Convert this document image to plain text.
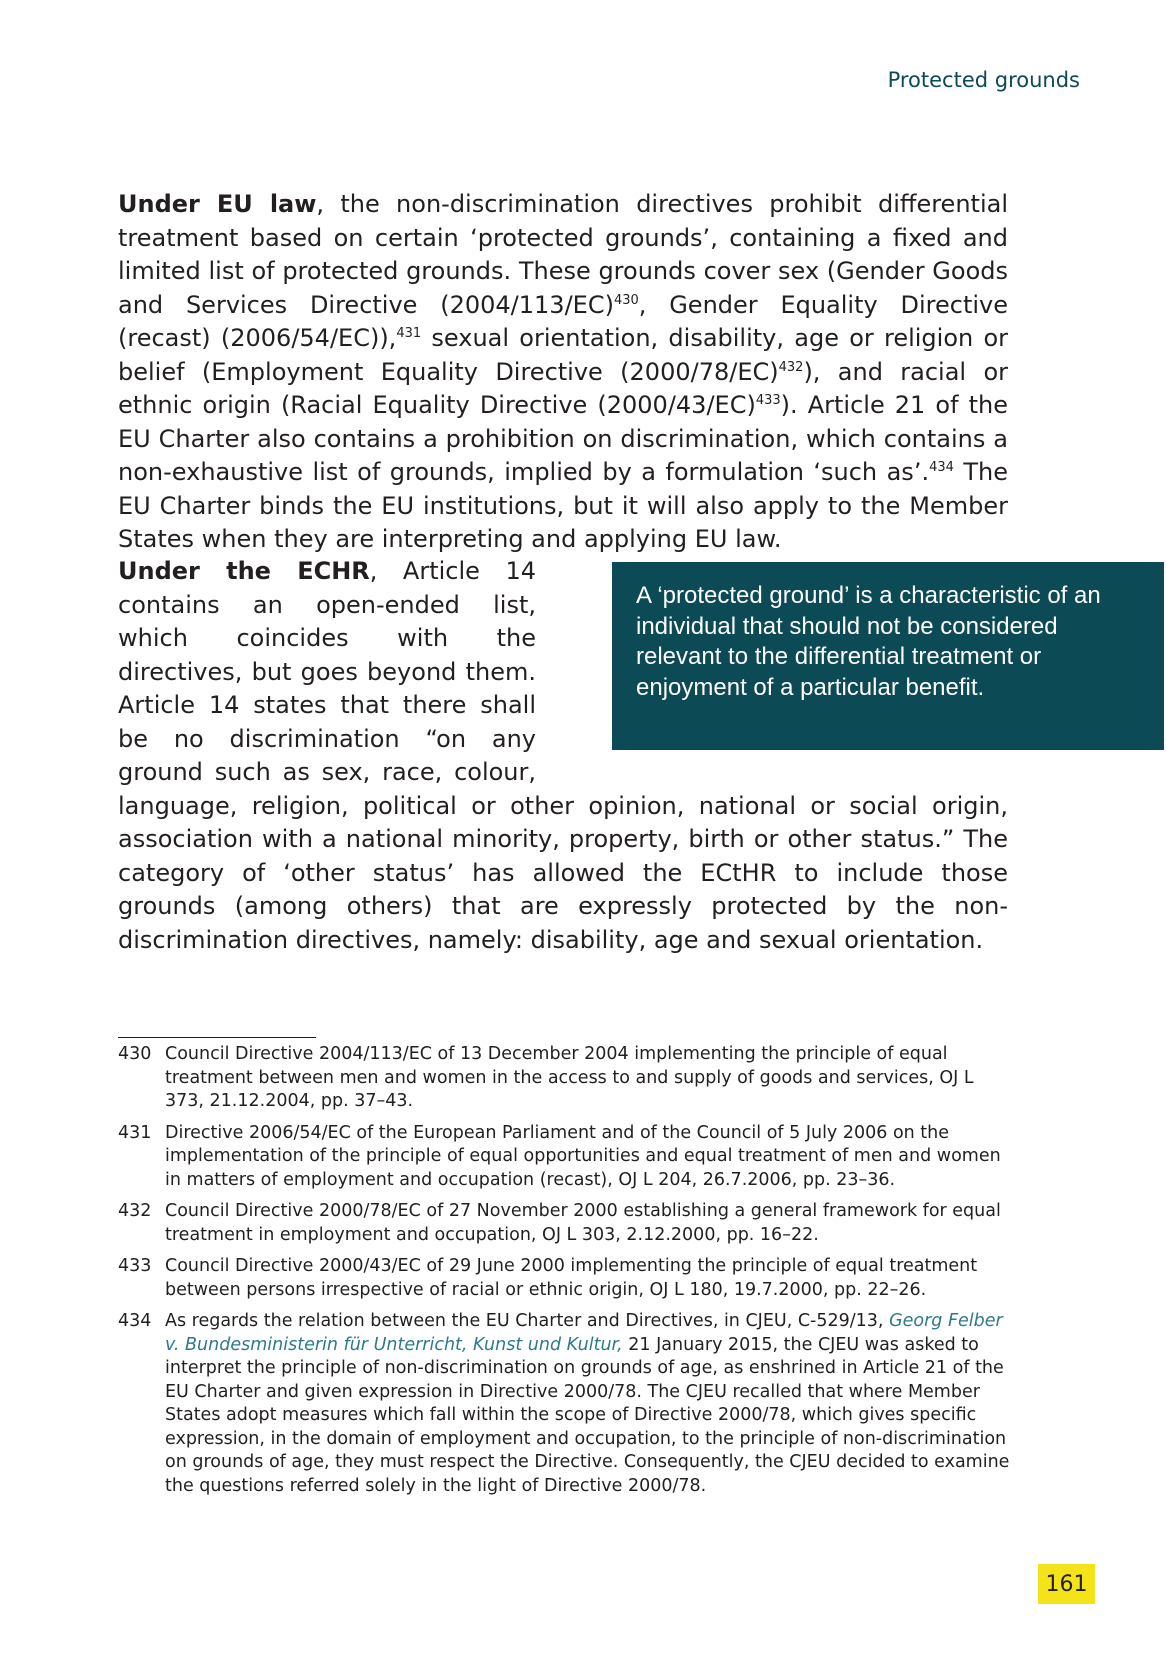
Protected grounds

Under EU law, the non-discrimination directives prohibit differential treatment based on certain ‘protected grounds’, containing a fixed and limited list of protected grounds. These grounds cover sex (Gender Goods and Services Directive $(2004/113/EC)^{430}$, Gender Equality Directive (recast) (2006/54/EC)),$^{431}$ sexual orientation, disability, age or religion or belief (Employment Equality Directive $(2000/78/EC)^{432}$), and racial or ethnic origin (Racial Equality Directive $(2000/43/EC)^{433}$). Article 21 of the EU Charter also contains a prohibition on discrimination, which contains a non-exhaustive list of grounds, implied by a formulation ‘such as’.$^{434}$ The EU Charter binds the EU institutions, but it will also apply to the Member States when they are interpreting and applying EU law.

Under the ECHR, Article 14 contains an open-ended list, which coincides with the directives, but goes beyond them. Article 14 states that there shall be no discrimination “on any ground such as sex, race, colour, language, religion, political or other opinion, national or social origin, association with a national minority, property, birth or other status.” The category of ‘other status’ has allowed the ECtHR to include those grounds (among others) that are expressly protected by the non-discrimination directives, namely: disability, age and sexual orientation.

A ‘protected ground’ is a characteristic of an individual that should not be considered relevant to the differential treatment or enjoyment of a particular benefit.
430 Council Directive 2004/113/EC of 13 December 2004 implementing the principle of equal treatment between men and women in the access to and supply of goods and services, OJ L 373, 21.12.2004, pp. 37–43.
431 Directive 2006/54/EC of the European Parliament and of the Council of 5 July 2006 on the implementation of the principle of equal opportunities and equal treatment of men and women in matters of employment and occupation (recast), OJ L 204, 26.7.2006, pp. 23–36.
432 Council Directive 2000/78/EC of 27 November 2000 establishing a general framework for equal treatment in employment and occupation, OJ L 303, 2.12.2000, pp. 16–22.
433 Council Directive 2000/43/EC of 29 June 2000 implementing the principle of equal treatment between persons irrespective of racial or ethnic origin, OJ L 180, 19.7.2000, pp. 22–26.
434 As regards the relation between the EU Charter and Directives, in CJEU, C-529/13, Georg Felber v. Bundesministerin für Unterricht, Kunst und Kultur, 21 January 2015, the CJEU was asked to interpret the principle of non-discrimination on grounds of age, as enshrined in Article 21 of the EU Charter and given expression in Directive 2000/78. The CJEU recalled that where Member States adopt measures which fall within the scope of Directive 2000/78, which gives specific expression, in the domain of employment and occupation, to the principle of non-discrimination on grounds of age, they must respect the Directive. Consequently, the CJEU decided to examine the questions referred solely in the light of Directive 2000/78.
161
